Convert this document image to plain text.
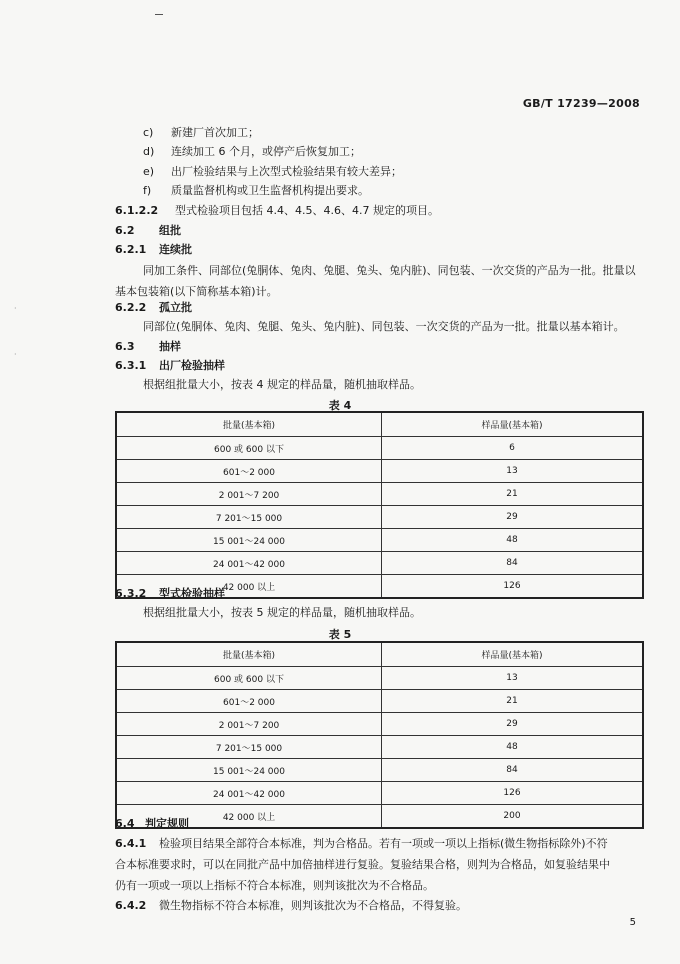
GB/T 17239—2008
c) 新建厂首次加工；
d) 连续加工 6 个月，或停产后恢复加工；
e) 出厂检验结果与上次型式检验结果有较大差异；
f) 质量监督机构或卫生监督机构提出要求。
6.1.2.2 型式检验项目包括 4.4、4.5、4.6、4.7 规定的项目。
6.2 组批
6.2.1 连续批
同加工条件、同部位(兔胴体、兔肉、兔腿、兔头、兔内脏)、同包装、一次交货的产品为一批。批量以
基本包装箱(以下简称基本箱)计。
6.2.2 孤立批
同部位(兔胴体、兔肉、兔腿、兔头、兔内脏)、同包装、一次交货的产品为一批。批量以基本箱计。
6.3 抽样
6.3.1 出厂检验抽样
根据组批量大小，按表 4 规定的样品量，随机抽取样品。
表 4
批量(基本箱)	样品量(基本箱)
600 或 600 以下	6
601～2 000	13
2 001～7 200	21
7 201～15 000	29
15 001～24 000	48
24 001～42 000	84
42 000 以上	126
6.3.2 型式检验抽样
根据组批量大小，按表 5 规定的样品量，随机抽取样品。
表 5
批量(基本箱)	样品量(基本箱)
600 或 600 以下	13
601～2 000	21
2 001～7 200	29
7 201～15 000	48
15 001～24 000	84
24 001～42 000	126
42 000 以上	200
6.4 判定规则
6.4.1 检验项目结果全部符合本标准，判为合格品。若有一项或一项以上指标(微生物指标除外)不符
合本标准要求时，可以在同批产品中加倍抽样进行复验。复验结果合格，则判为合格品，如复验结果中
仍有一项或一项以上指标不符合本标准，则判该批次为不合格品。
6.4.2 微生物指标不符合本标准，则判该批次为不合格品，不得复验。
·
·
5
